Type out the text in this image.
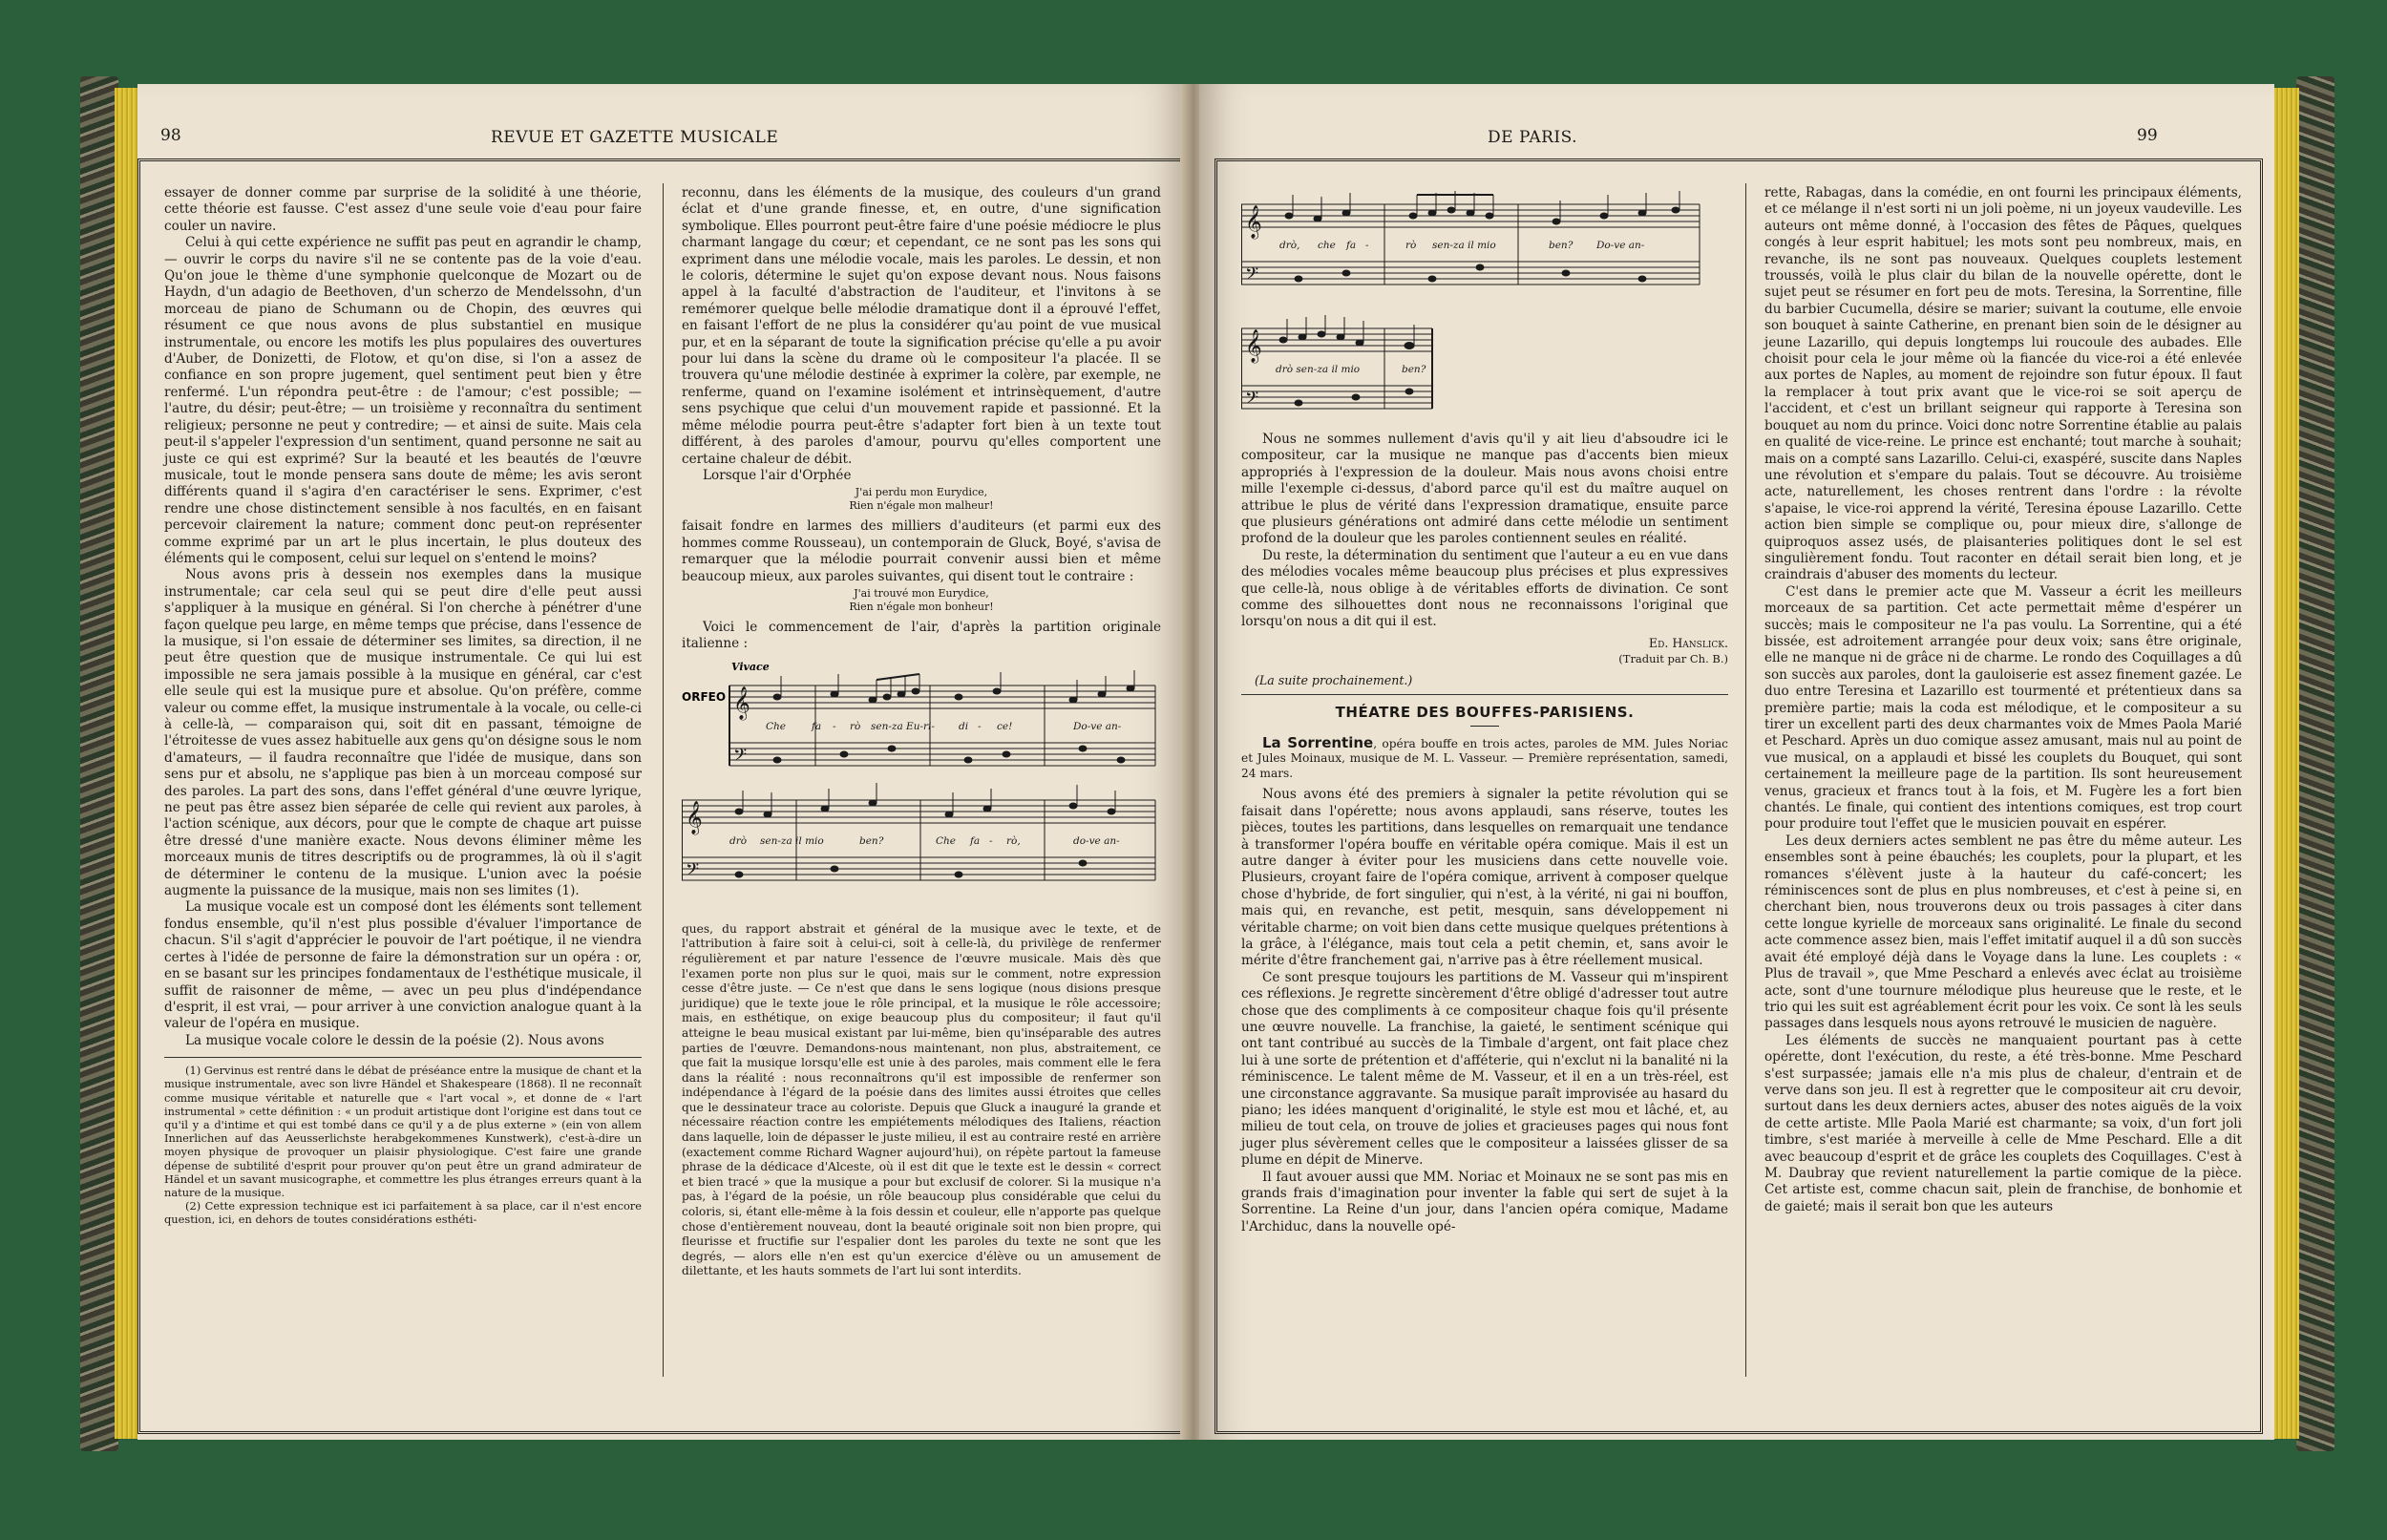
98	REVUE ET GAZETTE MUSICALE

essayer de donner comme par surprise de la solidité à une théorie, cette théorie est fausse. C'est assez d'une seule voie d'eau pour faire couler un navire.

Celui à qui cette expérience ne suffit pas peut en agrandir le champ, — ouvrir le corps du navire s'il ne se contente pas de la voie d'eau. Qu'on joue le thème d'une symphonie quelconque de Mozart ou de Haydn, d'un adagio de Beethoven, d'un scherzo de Mendelssohn, d'un morceau de piano de Schumann ou de Chopin, des œuvres qui résument ce que nous avons de plus substantiel en musique instrumentale, ou encore les motifs les plus populaires des ouvertures d'Auber, de Donizetti, de Flotow, et qu'on dise, si l'on a assez de confiance en son propre jugement, quel sentiment peut bien y être renfermé. L'un répondra peut-être : de l'amour; c'est possible; — l'autre, du désir; peut-être; — un troisième y reconnaîtra du sentiment religieux; personne ne peut y contredire; — et ainsi de suite. Mais cela peut-il s'appeler l'expression d'un sentiment, quand personne ne sait au juste ce qui est exprimé? Sur la beauté et les beautés de l'œuvre musicale, tout le monde pensera sans doute de même; les avis seront différents quand il s'agira d'en caractériser le sens. Exprimer, c'est rendre une chose distinctement sensible à nos facultés, en en faisant percevoir clairement la nature; comment donc peut-on représenter comme exprimé par un art le plus incertain, le plus douteux des éléments qui le composent, celui sur lequel on s'entend le moins?

Nous avons pris à dessein nos exemples dans la musique instrumentale; car cela seul qui se peut dire d'elle peut aussi s'appliquer à la musique en général. Si l'on cherche à pénétrer d'une façon quelque peu large, en même temps que précise, dans l'essence de la musique, si l'on essaie de déterminer ses limites, sa direction, il ne peut être question que de musique instrumentale. Ce qui lui est impossible ne sera jamais possible à la musique en général, car c'est elle seule qui est la musique pure et absolue. Qu'on préfère, comme valeur ou comme effet, la musique instrumentale à la vocale, ou celle-ci à celle-là, — comparaison qui, soit dit en passant, témoigne de l'étroitesse de vues assez habituelle aux gens qu'on désigne sous le nom d'amateurs, — il faudra reconnaître que l'idée de musique, dans son sens pur et absolu, ne s'applique pas bien à un morceau composé sur des paroles. La part des sons, dans l'effet général d'une œuvre lyrique, ne peut pas être assez bien séparée de celle qui revient aux paroles, à l'action scénique, aux décors, pour que le compte de chaque art puisse être dressé d'une manière exacte. Nous devons éliminer même les morceaux munis de titres descriptifs ou de programmes, là où il s'agit de déterminer le contenu de la musique. L'union avec la poésie augmente la puissance de la musique, mais non ses limites (1).

La musique vocale est un composé dont les éléments sont tellement fondus ensemble, qu'il n'est plus possible d'évaluer l'importance de chacun. S'il s'agit d'apprécier le pouvoir de l'art poétique, il ne viendra certes à l'idée de personne de faire la démonstration sur un opéra : or, en se basant sur les principes fondamentaux de l'esthétique musicale, il suffit de raisonner de même, — avec un peu plus d'indépendance d'esprit, il est vrai, — pour arriver à une conviction analogue quant à la valeur de l'opéra en musique.

La musique vocale colore le dessin de la poésie (2). Nous avons

(1) Gervinus est rentré dans le débat de préséance entre la musique de chant et la musique instrumentale, avec son livre Händel et Shakespeare (1868). Il ne reconnaît comme musique véritable et naturelle que « l'art vocal », et donne de « l'art instrumental » cette définition : « un produit artistique dont l'origine est dans tout ce qu'il y a d'intime et qui est tombé dans ce qu'il y a de plus externe » (ein von allem Innerlichen auf das Aeusserlichste herabgekommenes Kunstwerk), c'est-à-dire un moyen physique de provoquer un plaisir physiologique. C'est faire une grande dépense de subtilité d'esprit pour prouver qu'on peut être un grand admirateur de Händel et un savant musicographe, et commettre les plus étranges erreurs quant à la nature de la musique.

(2) Cette expression technique est ici parfaitement à sa place, car il n'est encore question, ici, en dehors de toutes considérations esthéti-

reconnu, dans les éléments de la musique, des couleurs d'un grand éclat et d'une grande finesse, et, en outre, d'une signification symbolique. Elles pourront peut-être faire d'une poésie médiocre le plus charmant langage du cœur; et cependant, ce ne sont pas les sons qui expriment dans une mélodie vocale, mais les paroles. Le dessin, et non le coloris, détermine le sujet qu'on expose devant nous. Nous faisons appel à la faculté d'abstraction de l'auditeur, et l'invitons à se remémorer quelque belle mélodie dramatique dont il a éprouvé l'effet, en faisant l'effort de ne plus la considérer qu'au point de vue musical pur, et en la séparant de toute la signification précise qu'elle a pu avoir pour lui dans la scène du drame où le compositeur l'a placée. Il se trouvera qu'une mélodie destinée à exprimer la colère, par exemple, ne renferme, quand on l'examine isolément et intrinsèquement, d'autre sens psychique que celui d'un mouvement rapide et passionné. Et la même mélodie pourra peut-être s'adapter fort bien à un texte tout différent, à des paroles d'amour, pourvu qu'elles comportent une certaine chaleur de débit.

Lorsque l'air d'Orphée

J'ai perdu mon Eurydice,
Rien n'égale mon malheur!

faisait fondre en larmes des milliers d'auditeurs (et parmi eux des hommes comme Rousseau), un contemporain de Gluck, Boyé, s'avisa de remarquer que la mélodie pourrait convenir aussi bien et même beaucoup mieux, aux paroles suivantes, qui disent tout le contraire :

J'ai trouvé mon Eurydice,
Rien n'égale mon bonheur!

Voici le commencement de l'air, d'après la partition originale italienne :

Vivace
ORFEO 𝄞
𝄢
𝄞
𝄢
Che	fa - rò sen-za Eu-ri- di - ce!	Do-ve an-
drò sen-za il mio	ben?	Che fa - rò,	do-ve an-

ques, du rapport abstrait et général de la musique avec le texte, et de l'attribution à faire soit à celui-ci, soit à celle-là, du privilège de renfermer régulièrement et par nature l'essence de l'œuvre musicale. Mais dès que l'examen porte non plus sur le quoi, mais sur le comment, notre expression cesse d'être juste. — Ce n'est que dans le sens logique (nous disions presque juridique) que le texte joue le rôle principal, et la musique le rôle accessoire; mais, en esthétique, on exige beaucoup plus du compositeur; il faut qu'il atteigne le beau musical existant par lui-même, bien qu'inséparable des autres parties de l'œuvre. Demandons-nous maintenant, non plus, abstraitement, ce que fait la musique lorsqu'elle est unie à des paroles, mais comment elle le fera dans la réalité : nous reconnaîtrons qu'il est impossible de renfermer son indépendance à l'égard de la poésie dans des limites aussi étroites que celles que le dessinateur trace au coloriste. Depuis que Gluck a inauguré la grande et nécessaire réaction contre les empiétements mélodiques des Italiens, réaction dans laquelle, loin de dépasser le juste milieu, il est au contraire resté en arrière (exactement comme Richard Wagner aujourd'hui), on répète partout la fameuse phrase de la dédicace d'Alceste, où il est dit que le texte est le dessin « correct et bien tracé » que la musique a pour but exclusif de colorer. Si la musique n'a pas, à l'égard de la poésie, un rôle beaucoup plus considérable que celui du coloris, si, étant elle-même à la fois dessin et couleur, elle n'apporte pas quelque chose d'entièrement nouveau, dont la beauté originale soit non bien propre, qui fleurisse et fructifie sur l'espalier dont les paroles du texte ne sont que les degrés, — alors elle n'en est qu'un exercice d'élève ou un amusement de dilettante, et les hauts sommets de l'art lui sont interdits.

DE PARIS.	99
𝄞
𝄢
𝄞
𝄢
drò, che fa -	rò sen-za il mio	ben? Do-ve an-
drò sen-za il mio	ben?

Nous ne sommes nullement d'avis qu'il y ait lieu d'absoudre ici le compositeur, car la musique ne manque pas d'accents bien mieux appropriés à l'expression de la douleur. Mais nous avons choisi entre mille l'exemple ci-dessus, d'abord parce qu'il est du maître auquel on attribue le plus de vérité dans l'expression dramatique, ensuite parce que plusieurs générations ont admiré dans cette mélodie un sentiment profond de la douleur que les paroles contiennent seules en réalité.

Du reste, la détermination du sentiment que l'auteur a eu en vue dans des mélodies vocales même beaucoup plus précises et plus expressives que celle-là, nous oblige à de véritables efforts de divination. Ce sont comme des silhouettes dont nous ne reconnaissons l'original que lorsqu'on nous a dit qui il est.

Ed. Hanslick.
(Traduit par Ch. B.)
(La suite prochainement.)
THÉATRE DES BOUFFES-PARISIENS.

La Sorrentine, opéra bouffe en trois actes, paroles de MM. Jules Noriac et Jules Moinaux, musique de M. L. Vasseur. — Première représentation, samedi, 24 mars.

Nous avons été des premiers à signaler la petite révolution qui se faisait dans l'opérette; nous avons applaudi, sans réserve, toutes les pièces, toutes les partitions, dans lesquelles on remarquait une tendance à transformer l'opéra bouffe en véritable opéra comique. Mais il est un autre danger à éviter pour les musiciens dans cette nouvelle voie. Plusieurs, croyant faire de l'opéra comique, arrivent à composer quelque chose d'hybride, de fort singulier, qui n'est, à la vérité, ni gai ni bouffon, mais qui, en revanche, est petit, mesquin, sans développement ni véritable charme; on voit bien dans cette musique quelques prétentions à la grâce, à l'élégance, mais tout cela a petit chemin, et, sans avoir le mérite d'être franchement gai, n'arrive pas à être réellement musical.

Ce sont presque toujours les partitions de M. Vasseur qui m'inspirent ces réflexions. Je regrette sincèrement d'être obligé d'adresser tout autre chose que des compliments à ce compositeur chaque fois qu'il présente une œuvre nouvelle. La franchise, la gaieté, le sentiment scénique qui ont tant contribué au succès de la Timbale d'argent, ont fait place chez lui à une sorte de prétention et d'afféterie, qui n'exclut ni la banalité ni la réminiscence. Le talent même de M. Vasseur, et il en a un très-réel, est une circonstance aggravante. Sa musique paraît improvisée au hasard du piano; les idées manquent d'originalité, le style est mou et lâché, et, au milieu de tout cela, on trouve de jolies et gracieuses pages qui nous font juger plus sévèrement celles que le compositeur a laissées glisser de sa plume en dépit de Minerve.

Il faut avouer aussi que MM. Noriac et Moinaux ne se sont pas mis en grands frais d'imagination pour inventer la fable qui sert de sujet à la Sorrentine. La Reine d'un jour, dans l'ancien opéra comique, Madame l'Archiduc, dans la nouvelle opé-

rette, Rabagas, dans la comédie, en ont fourni les principaux éléments, et ce mélange il n'est sorti ni un joli poème, ni un joyeux vaudeville. Les auteurs ont même donné, à l'occasion des fêtes de Pâques, quelques congés à leur esprit habituel; les mots sont peu nombreux, mais, en revanche, ils ne sont pas nouveaux. Quelques couplets lestement troussés, voilà le plus clair du bilan de la nouvelle opérette, dont le sujet peut se résumer en fort peu de mots. Teresina, la Sorrentine, fille du barbier Cucumella, désire se marier; suivant la coutume, elle envoie son bouquet à sainte Catherine, en prenant bien soin de le désigner au jeune Lazarillo, qui depuis longtemps lui roucoule des aubades. Elle choisit pour cela le jour même où la fiancée du vice-roi a été enlevée aux portes de Naples, au moment de rejoindre son futur époux. Il faut la remplacer à tout prix avant que le vice-roi se soit aperçu de l'accident, et c'est un brillant seigneur qui rapporte à Teresina son bouquet au nom du prince. Voici donc notre Sorrentine établie au palais en qualité de vice-reine. Le prince est enchanté; tout marche à souhait; mais on a compté sans Lazarillo. Celui-ci, exaspéré, suscite dans Naples une révolution et s'empare du palais. Tout se découvre. Au troisième acte, naturellement, les choses rentrent dans l'ordre : la révolte s'apaise, le vice-roi apprend la vérité, Teresina épouse Lazarillo. Cette action bien simple se complique ou, pour mieux dire, s'allonge de quiproquos assez usés, de plaisanteries politiques dont le sel est singulièrement fondu. Tout raconter en détail serait bien long, et je craindrais d'abuser des moments du lecteur.

C'est dans le premier acte que M. Vasseur a écrit les meilleurs morceaux de sa partition. Cet acte permettait même d'espérer un succès; mais le compositeur ne l'a pas voulu. La Sorrentine, qui a été bissée, est adroitement arrangée pour deux voix; sans être originale, elle ne manque ni de grâce ni de charme. Le rondo des Coquillages a dû son succès aux paroles, dont la gauloiserie est assez finement gazée. Le duo entre Teresina et Lazarillo est tourmenté et prétentieux dans sa première partie; mais la coda est mélodique, et le compositeur a su tirer un excellent parti des deux charmantes voix de Mmes Paola Marié et Peschard. Après un duo comique assez amusant, mais nul au point de vue musical, on a applaudi et bissé les couplets du Bouquet, qui sont certainement la meilleure page de la partition. Ils sont heureusement venus, gracieux et francs tout à la fois, et M. Fugère les a fort bien chantés. Le finale, qui contient des intentions comiques, est trop court pour produire tout l'effet que le musicien pouvait en espérer.

Les deux derniers actes semblent ne pas être du même auteur. Les ensembles sont à peine ébauchés; les couplets, pour la plupart, et les romances s'élèvent juste à la hauteur du café-concert; les réminiscences sont de plus en plus nombreuses, et c'est à peine si, en cherchant bien, nous trouverons deux ou trois passages à citer dans cette longue kyrielle de morceaux sans originalité. Le finale du second acte commence assez bien, mais l'effet imitatif auquel il a dû son succès avait été employé déjà dans le Voyage dans la lune. Les couplets : « Plus de travail », que Mme Peschard a enlevés avec éclat au troisième acte, sont d'une tournure mélodique plus heureuse que le reste, et le trio qui les suit est agréablement écrit pour les voix. Ce sont là les seuls passages dans lesquels nous ayons retrouvé le musicien de naguère.

Les éléments de succès ne manquaient pourtant pas à cette opérette, dont l'exécution, du reste, a été très-bonne. Mme Peschard s'est surpassée; jamais elle n'a mis plus de chaleur, d'entrain et de verve dans son jeu. Il est à regretter que le compositeur ait cru devoir, surtout dans les deux derniers actes, abuser des notes aiguës de la voix de cette artiste. Mlle Paola Marié est charmante; sa voix, d'un fort joli timbre, s'est mariée à merveille à celle de Mme Peschard. Elle a dit avec beaucoup d'esprit et de grâce les couplets des Coquillages. C'est à M. Daubray que revient naturellement la partie comique de la pièce. Cet artiste est, comme chacun sait, plein de franchise, de bonhomie et de gaieté; mais il serait bon que les auteurs
